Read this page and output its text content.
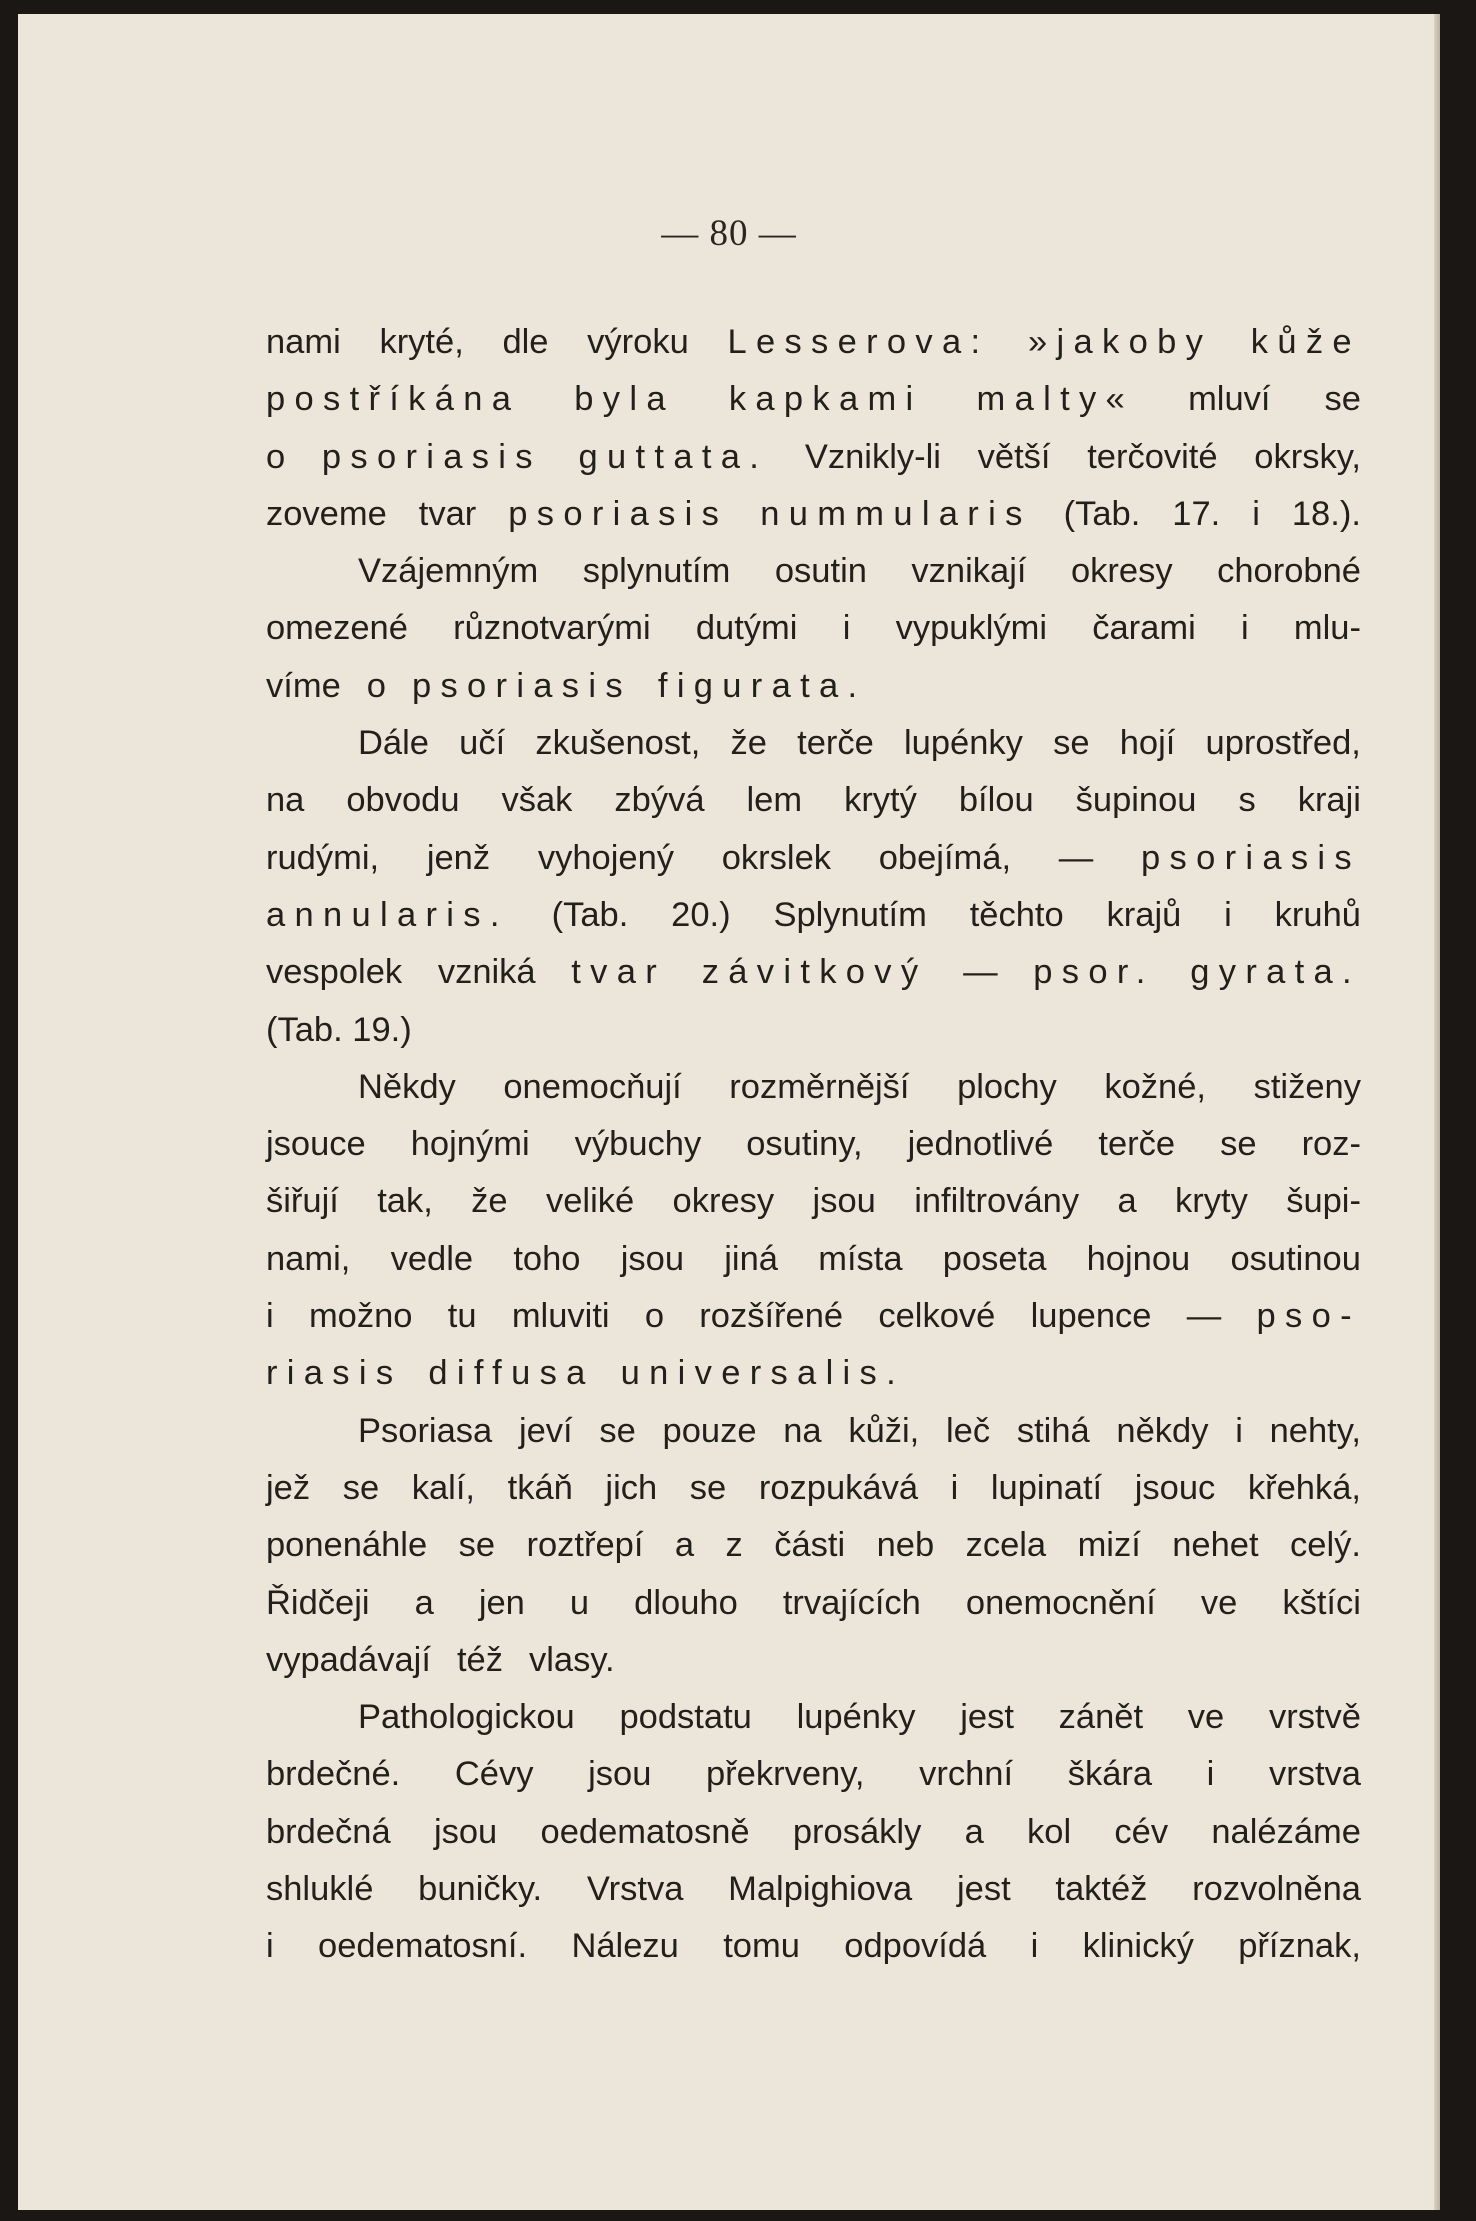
— 80 —
nami kryté, dle výroku Lesserova: »jakoby kůže
postříkána byla kapkami malty« mluví se
o psoriasis guttata. Vznikly-li větší terčovité okrsky,
zoveme tvar psoriasis nummularis (Tab. 17. i 18.).
Vzájemným splynutím osutin vznikají okresy chorobné
omezené různotvarými dutými i vypuklými čarami i mlu-
víme o psoriasis figurata.
Dále učí zkušenost, že terče lupénky se hojí uprostřed,
na obvodu však zbývá lem krytý bílou šupinou s kraji
rudými, jenž vyhojený okrslek obejímá, — psoriasis
annularis. (Tab. 20.) Splynutím těchto krajů i kruhů
vespolek vzniká tvar závitkový — psor. gyrata.
(Tab. 19.)
Někdy onemocňují rozměrnější plochy kožné, stiženy
jsouce hojnými výbuchy osutiny, jednotlivé terče se roz-
šiřují tak, že veliké okresy jsou infiltrovány a kryty šupi-
nami, vedle toho jsou jiná místa poseta hojnou osutinou
i možno tu mluviti o rozšířené celkové lupence — pso-
riasis diffusa universalis.
Psoriasa jeví se pouze na kůži, leč stihá někdy i nehty,
jež se kalí, tkáň jich se rozpukává i lupinatí jsouc křehká,
ponenáhle se roztřepí a z části neb zcela mizí nehet celý.
Řidčeji a jen u dlouho trvajících onemocnění ve kštíci
vypadávají též vlasy.
Pathologickou podstatu lupénky jest zánět ve vrstvě
brdečné. Cévy jsou překrveny, vrchní škára i vrstva
brdečná jsou oedematosně prosákly a kol cév nalézáme
shluklé buničky. Vrstva Malpighiova jest taktéž rozvolněna
i oedematosní. Nálezu tomu odpovídá i klinický příznak,
